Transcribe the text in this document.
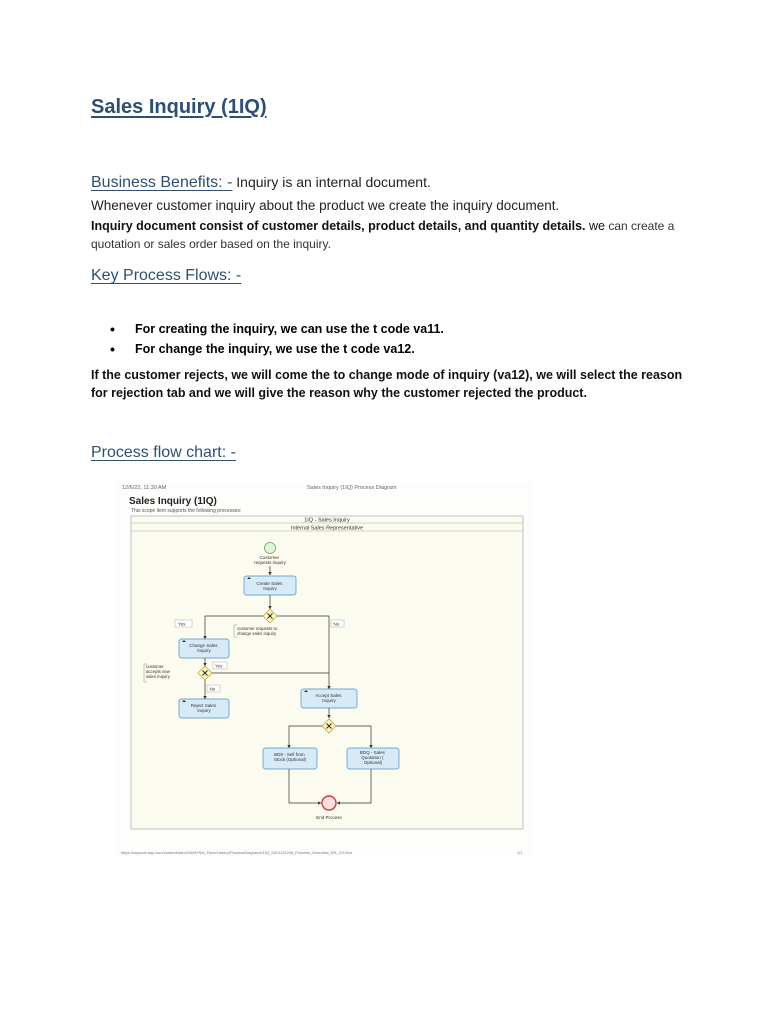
Sales Inquiry (1IQ)
Business Benefits: - Inquiry is an internal document.

Whenever customer inquiry about the product we create the inquiry document.

Inquiry document consist of customer details, product details, and quantity details. we can create a quotation or sales order based on the inquiry.

Key Process Flows: -
• For creating the inquiry, we can use the t code va11.
• For change the inquiry, we use the t code va12.

If the customer rejects, we will come the to change mode of inquiry (va12), we will select the reason for rejection tab and we will give the reason why the customer rejected the product.

Process flow chart: -
12/6/22, 11:30 AM	Sales Inquiry (1IQ) Process Diagram
Sales Inquiry (1IQ)
This scope item supports the following processes:
1IQ - Sales Inquiry
Internal Sales Representative
Customer requests inquiry
Create Sales Inquiry
Yes	No
customer requests to change sales inquiry
Change Sales Inquiry
Yes
customer accepts new sales inquiry
No
Reject Sales Inquiry
Accept Sales Inquiry
BD9 - Sell from Stock (Optional)
BDQ - Sales Quotation ( Optional)
End Process
https://support.sap.com/content/dam/SAAP/Sol_Pack/Library/ProcessDiagrams/1IQ_S4CLD2208_Process_Overview_EN_XX.htm	1/1
